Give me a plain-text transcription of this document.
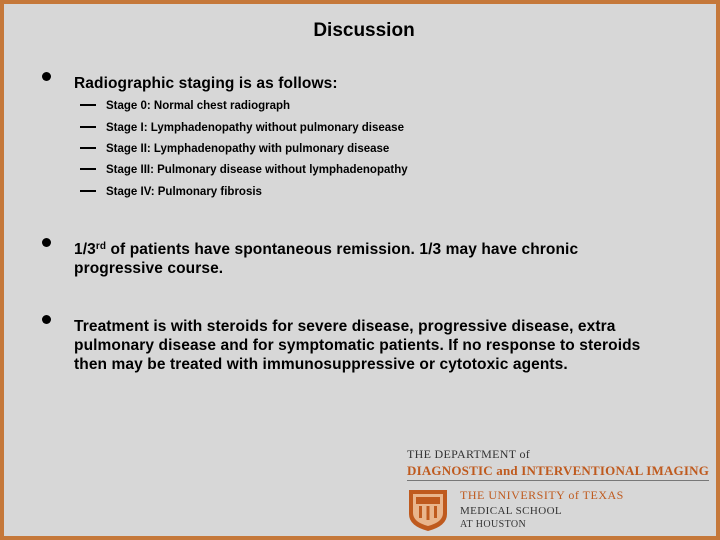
Discussion
Radiographic staging is as follows:
Stage 0: Normal chest radiograph
Stage I: Lymphadenopathy without pulmonary disease
Stage II: Lymphadenopathy with pulmonary disease
Stage III: Pulmonary disease without lymphadenopathy
Stage IV: Pulmonary fibrosis
1/3rd of patients have spontaneous remission. 1/3 may have chronic progressive course.
Treatment is with steroids for severe disease, progressive disease, extra pulmonary disease and for symptomatic patients. If no response to steroids then may be treated with immunosuppressive or cytotoxic agents.
THE DEPARTMENT of
DIAGNOSTIC and INTERVENTIONAL IMAGING
THE UNIVERSITY of TEXAS
MEDICAL SCHOOL
AT HOUSTON
